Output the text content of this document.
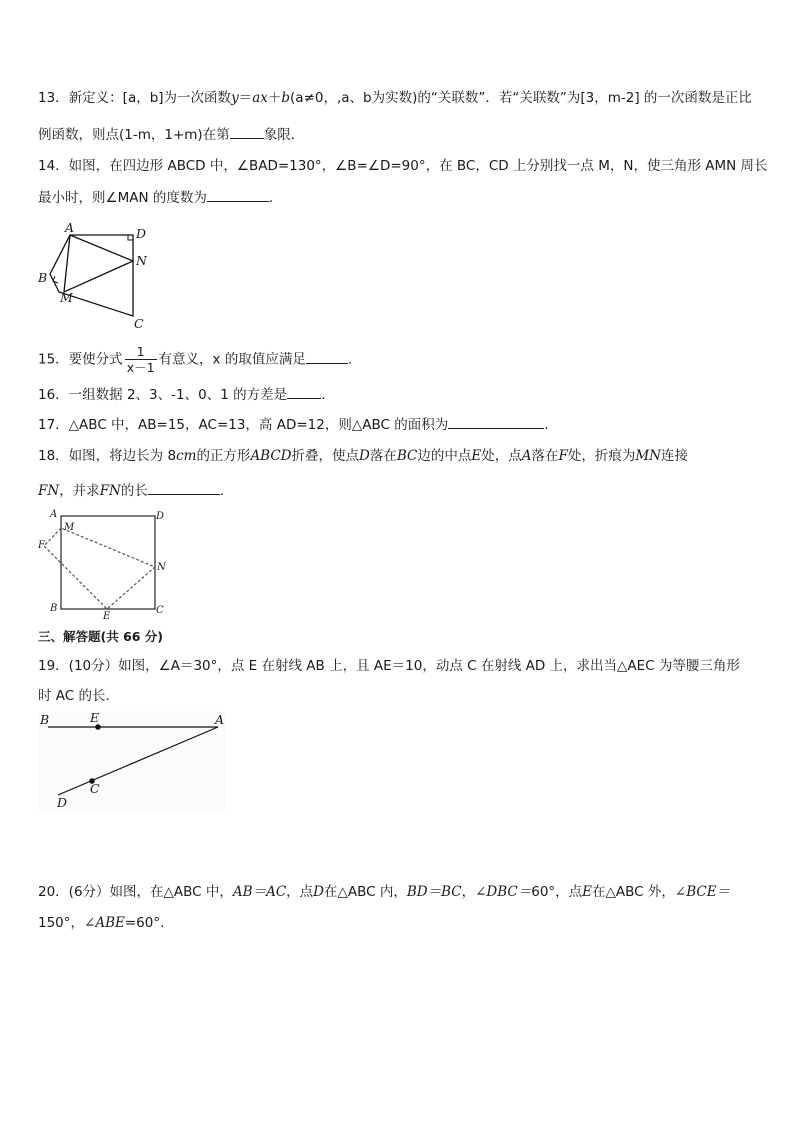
13．新定义：[a，b]为一次函数y＝ax＋b(a≠0，,a、b为实数)的“关联数”．若“关联数”为[3，m-2] 的一次函数是正比
例函数，则点(1-m，1+m)在第	象限．
14．如图，在四边形 ABCD 中，∠BAD=130°，∠B=∠D=90°，在 BC，CD 上分别找一点 M，N，使三角形 AMN 周长
最小时，则∠MAN 的度数为	.
A	D
N
B
M
C
15．要使分式 $\frac{1}{x-1}$ 有意义，x 的取值应满足	.
16．一组数据 2、3、-1、0、1 的方差是	.
17．△ABC 中，AB=15，AC=13，高 AD=12，则△ABC 的面积为	.
18．如图，将边长为 8cm的正方形ABCD折叠，使点D落在BC边的中点E处，点A落在F处，折痕为MN连接
FN，并求FN的长	.
A
M
D
F
N
B	C
E
三、解答题(共 66 分)
19．(10分）如图，∠A＝30°，点 E 在射线 AB 上，且 AE＝10，动点 C 在射线 AD 上，求出当△AEC 为等腰三角形
时 AC 的长．
B	E	A
C
D
20．(6分）如图，在△ABC 中，AB＝AC，点D在△ABC 内，BD＝BC，∠DBC＝60°，点E在△ABC 外，∠BCE＝
150°，∠ABE=60°.
